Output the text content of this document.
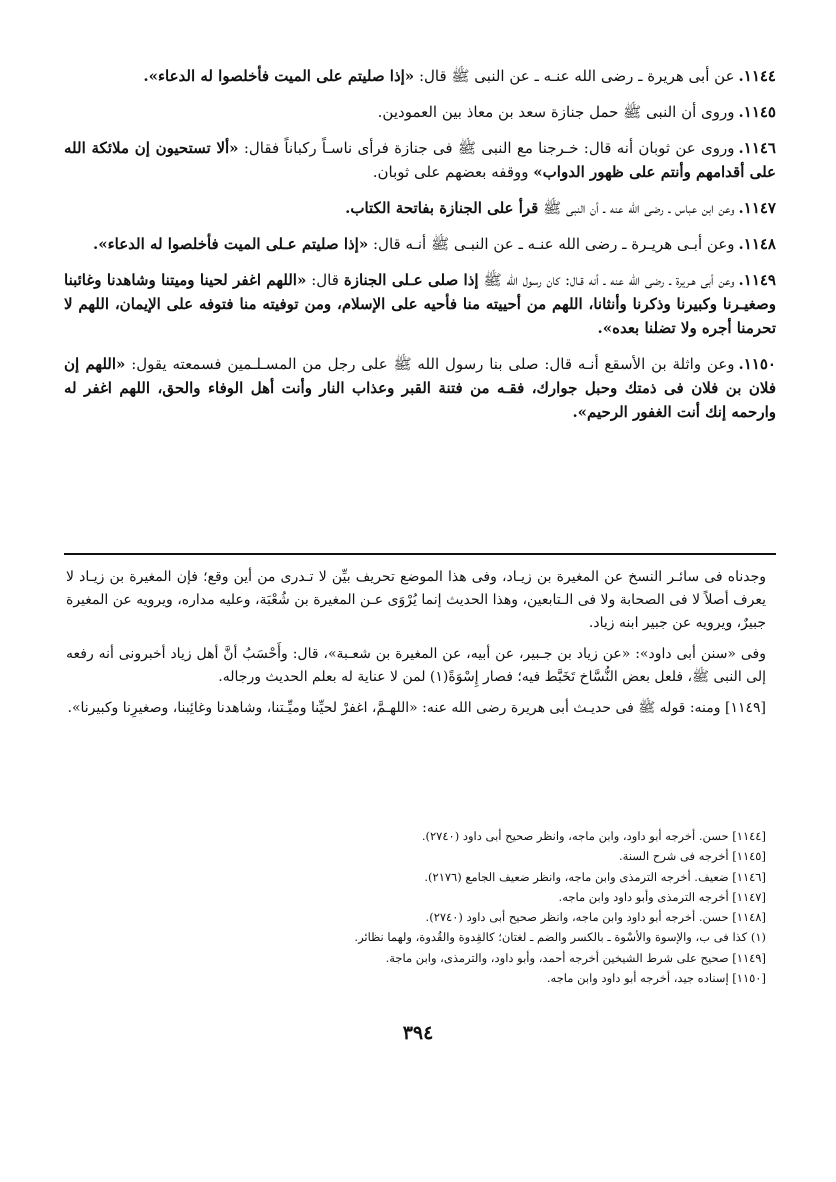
١١٤٤.عن أبى هريرة ـ رضى الله عنـه ـ عن النبى ﷺ قال: «إذا صليتم على الميت فأخلصوا له الدعاء».

١١٤٥.وروى أن النبى ﷺ حمل جنازة سعد بن معاذ بين العمودين.

١١٤٦.وروى عن ثوبان أنه قال: خـرجنا مع النبى ﷺ فى جنازة فرأى ناسـاً ركباناً فقال: «ألا تستحيون إن ملائكة الله على أقدامهم وأنتم على ظهور الدواب» ووقفه بعضهم على ثوبان.

١١٤٧.وعن ابن عباس ـ رضى الله عنه ـ أن النبى ﷺ قرأ على الجنازة بفاتحة الكتاب.

١١٤٨.وعن أبـى هريـرة ـ رضى الله عنـه ـ عن النبـى ﷺ أنـه قال: «إذا صليتم عـلى الميت فأخلصوا له الدعاء».

١١٤٩.وعن أبى هـريرة ـ رضى الله عنه ـ أنه قـال: كان رسول الله ﷺ إذا صلى عـلى الجنازة قال: «اللهم اغفر لحينا وميتنا وشاهدنا وغائبنا وصغيـرنا وكبيرنا وذكرنا وأنثانا، اللهم من أحييته منا فأحيه على الإسلام، ومن توفيته منا فتوفه على الإيمان، اللهم لا تحرمنا أجره ولا تضلنا بعده».

١١٥٠.وعن واثلة بن الأسقع أنـه قال: صلى بنا رسول الله ﷺ على رجل من المسـلـمين فسمعته يقول: «اللهم إن فلان بن فلان فى ذمتك وحبل جوارك، فقـه من فتنة القبر وعذاب النار وأنت أهل الوفاء والحق، اللهم اغفر له وارحمه إنك أنت الغفور الرحيم».

وجدناه فى سائـر النسخ عن المغيرة بن زيـاد، وفى هذا الموضع تحريف بيِّن لا تـدرى من أين وقع؛ فإن المغيرة بن زيـاد لا يعرف أصلاً لا فى الصحابة ولا فى الـتابعين، وهذا الحديث إنما يُرْوَى عـن المغيرة بن شُعْبَة، وعليه مداره، ويرويه عن المغيرة جبيرٌ، ويرويه عن جبير ابنه زياد.

وفى «سنن أبى داود»: «عن زياد بن جـبير، عن أبيه، عن المغيرة بن شعـبة»، قال: وأَحْسَبُ أنَّ أهل زياد أخبرونى أنه رفعه إلى النبى ﷺ، فلعل بعض النُّسَّاخ تَخَبَّط فيه؛ فصار إِسْوَةً(١) لمن لا عناية له بعلم الحديث ورجاله.

[١١٤٩] ومنه: قوله ﷺ فى حديـث أبى هريرة رضى الله عنه: «اللهـمَّ، اغفرْ لحيِّنا وميِّـتنا، وشاهدنا وغائِبنا، وصغيرِنا وكبيرنا».

[١١٤٤] حسن. أخرجه أبو داود، وابن ماجه، وانظر صحيح أبى داود (٢٧٤٠).

[١١٤٥] أخرجه فى شرح السنة.

[١١٤٦] ضعيف. أخرجه الترمذى وابن ماجه، وانظر ضعيف الجامع (٢١٧٦).

[١١٤٧] أخرجه الترمذى وأبو داود وابن ماجه.

[١١٤٨] حسن. أخرجه أبو داود وابن ماجه، وانظر صحيح أبى داود (٢٧٤٠).

(١) كذا فى ب، والإسوة والأسْوة ـ بالكسر والضم ـ لغتان؛ كالقِدوة والقُدوة، ولهما نظائر.

[١١٤٩] صحيح على شرط الشيخين أخرجه أحمد، وأبو داود، والترمذى، وابن ماجة.

[١١٥٠] إسناده جيد، أخرجه أبو داود وابن ماجه.

٣٩٤
